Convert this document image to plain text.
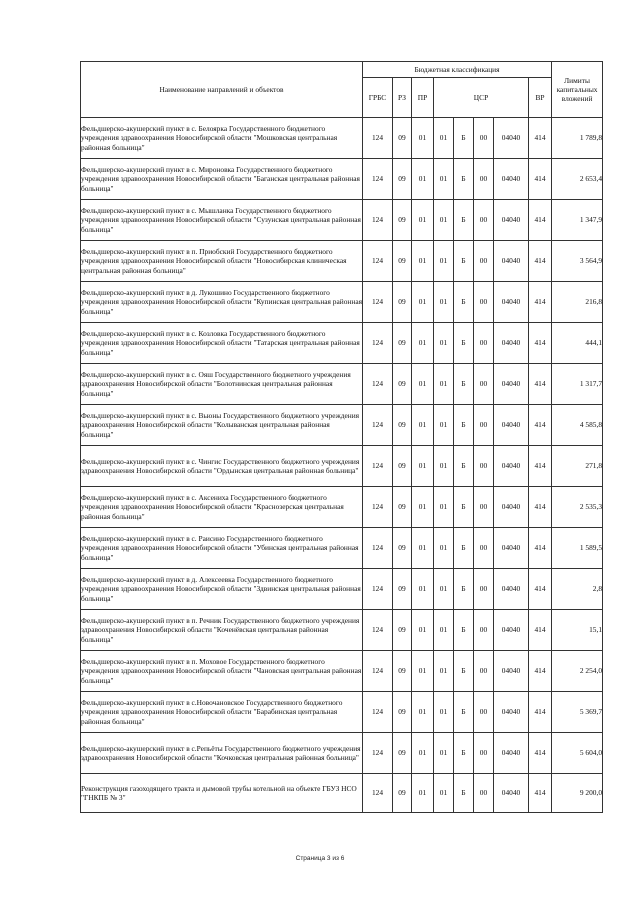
Наименование направлений и объектов	Бюджетная классификация								Лимиты капитальных вложений
	ГРБС	РЗ	ПР	ЦСР				ВР	
Фельдшерско-акушерский пункт в с. Белоярка Государственного бюджетного учреждения здравоохранения Новосибирской области "Мошковская центральная районная больница"	124	09	01	01	Б	00	04040	414	1 789,8
Фельдшерско-акушерский пункт в с. Мироновка Государственного бюджетного учреждения здравоохранения Новосибирской области "Баганская центральная районная больница"	124	09	01	01	Б	00	04040	414	2 653,4
Фельдшерско-акушерский пункт в с. Мышланка Государственного бюджетного учреждения здравоохранения Новосибирской области "Сузунская центральная районная больница"	124	09	01	01	Б	00	04040	414	1 347,9
Фельдшерско-акушерский пункт в п. Приобский Государственного бюджетного учреждения здравоохранения Новосибирской области "Новосибирская клиническая центральная районная больница"	124	09	01	01	Б	00	04040	414	3 564,9
Фельдшерско-акушерский пункт в д. Лукошино Государственного бюджетного учреждения здравоохранения Новосибирской области "Купинская центральная районная больница"	124	09	01	01	Б	00	04040	414	216,8
Фельдшерско-акушерский пункт в с. Козловка Государственного бюджетного учреждения здравоохранения Новосибирской области "Татарская центральная районная больница"	124	09	01	01	Б	00	04040	414	444,1
Фельдшерско-акушерский пункт в с. Ояш Государственного бюджетного учреждения здравоохранения Новосибирской области "Болотнинская центральная районная больница"	124	09	01	01	Б	00	04040	414	1 317,7
Фельдшерско-акушерский пункт в с. Вьюны Государственного бюджетного учреждения здравоохранения Новосибирской области "Колыванская центральная районная больница"	124	09	01	01	Б	00	04040	414	4 585,8
Фельдшерско-акушерский пункт в с. Чингис Государственного бюджетного учреждения здравоохранения Новосибирской области "Ордынская центральная районная больница"	124	09	01	01	Б	00	04040	414	271,8
Фельдшерско-акушерский пункт в с. Аксениха Государственного бюджетного учреждения здравоохранения Новосибирской области "Краснозерская центральная районная больница"	124	09	01	01	Б	00	04040	414	2 535,3
Фельдшерско-акушерский пункт в с. Раисино Государственного бюджетного учреждения здравоохранения Новосибирской области "Убинская центральная районная больница"	124	09	01	01	Б	00	04040	414	1 589,5
Фельдшерско-акушерский пункт в д. Алексеевка Государственного бюджетного учреждения здравоохранения Новосибирской области "Здвинская центральная районная больница"	124	09	01	01	Б	00	04040	414	2,8
Фельдшерско-акушерский пункт в п. Речник Государственного бюджетного учреждения здравоохранения Новосибирской области "Коченёвская центральная районная больница"	124	09	01	01	Б	00	04040	414	15,1
Фельдшерско-акушерский пункт в п. Моховое Государственного бюджетного учреждения здравоохранения Новосибирской области "Чановская центральная районная больница"	124	09	01	01	Б	00	04040	414	2 254,0
Фельдшерско-акушерский пункт в с.Новочановское Государственного бюджетного учреждения здравоохранения Новосибирской области "Барабинская центральная районная больница"	124	09	01	01	Б	00	04040	414	5 369,7
Фельдшерско-акушерский пункт в с.Репьёты Государственного бюджетного учреждения здравоохранения Новосибирской области "Кочковская центральная районная больница"	124	09	01	01	Б	00	04040	414	5 604,0
Реконструкция газоходящего тракта и дымовой трубы котельной на объекте ГБУЗ НСО "ГНКПБ № 3"	124	09	01	01	Б	00	04040	414	9 200,0
Страница 3 из 6
